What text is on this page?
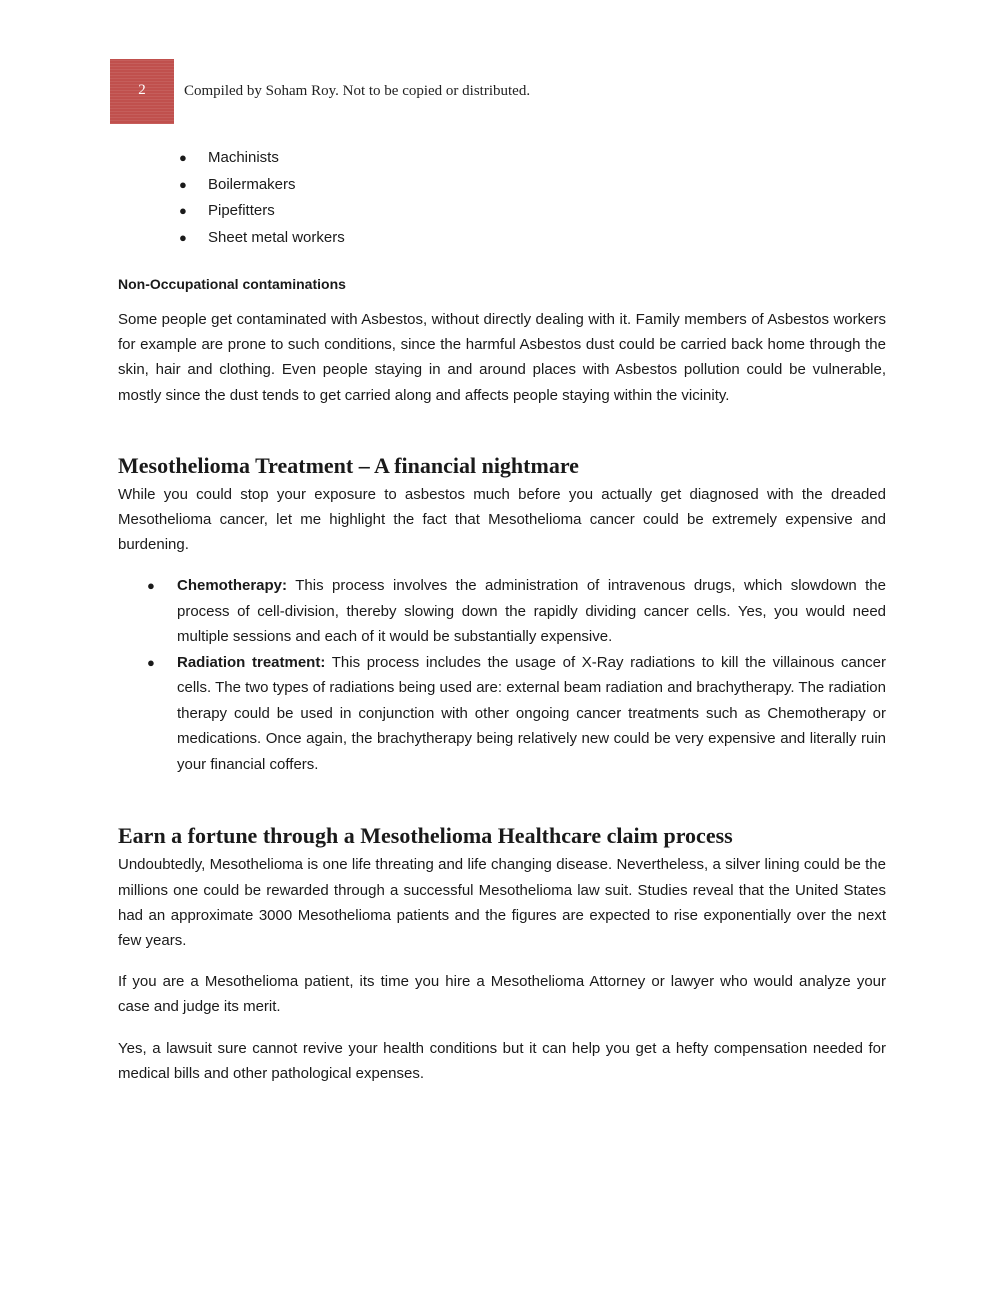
2	Compiled by Soham Roy. Not to be copied or distributed.
● Machinists
● Boilermakers
● Pipefitters
● Sheet metal workers
Non-Occupational contaminations

Some people get contaminated with Asbestos, without directly dealing with it. Family members of Asbestos workers for example are prone to such conditions, since the harmful Asbestos dust could be carried back home through the skin, hair and clothing. Even people staying in and around places with Asbestos pollution could be vulnerable, mostly since the dust tends to get carried along and affects people staying within the vicinity.

Mesothelioma Treatment – A financial nightmare

While you could stop your exposure to asbestos much before you actually get diagnosed with the dreaded Mesothelioma cancer, let me highlight the fact that Mesothelioma cancer could be extremely expensive and burdening.

● Chemotherapy: This process involves the administration of intravenous drugs, which slowdown the process of cell-division, thereby slowing down the rapidly dividing cancer cells. Yes, you would need multiple sessions and each of it would be substantially expensive.
● Radiation treatment: This process includes the usage of X-Ray radiations to kill the villainous cancer cells. The two types of radiations being used are: external beam radiation and brachytherapy. The radiation therapy could be used in conjunction with other ongoing cancer treatments such as Chemotherapy or medications. Once again, the brachytherapy being relatively new could be very expensive and literally ruin your financial coffers.
Earn a fortune through a Mesothelioma Healthcare claim process

Undoubtedly, Mesothelioma is one life threating and life changing disease. Nevertheless, a silver lining could be the millions one could be rewarded through a successful Mesothelioma law suit. Studies reveal that the United States had an approximate 3000 Mesothelioma patients and the figures are expected to rise exponentially over the next few years.

If you are a Mesothelioma patient, its time you hire a Mesothelioma Attorney or lawyer who would analyze your case and judge its merit.

Yes, a lawsuit sure cannot revive your health conditions but it can help you get a hefty compensation needed for medical bills and other pathological expenses.
